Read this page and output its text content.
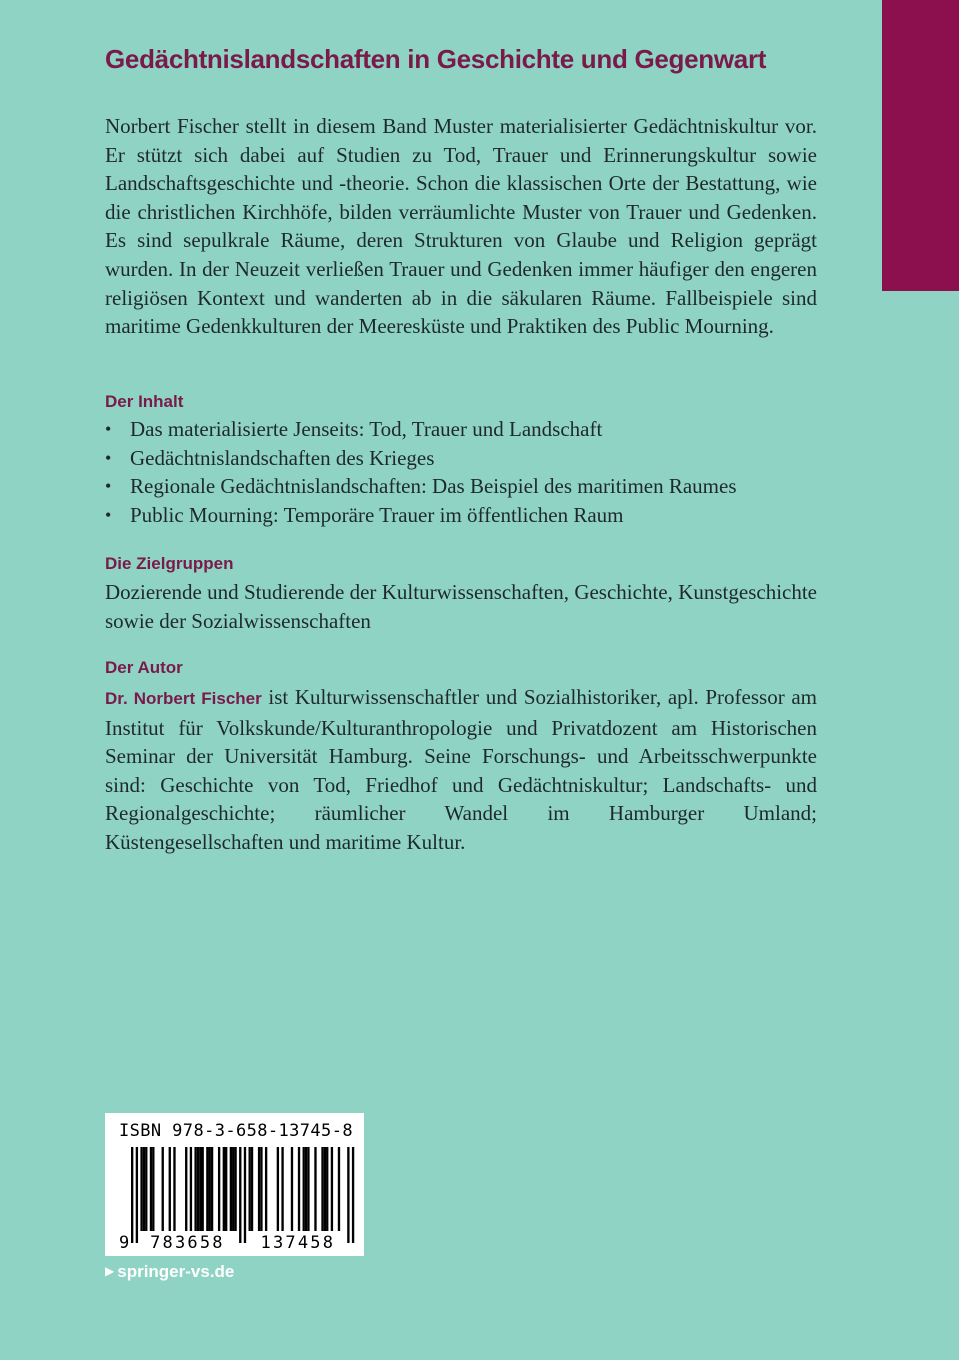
Gedächtnislandschaften in Geschichte und Gegenwart

Norbert Fischer stellt in diesem Band Muster materialisierter Gedächtniskultur vor. Er stützt sich dabei auf Studien zu Tod, Trauer und Erinnerungskultur sowie Landschaftsgeschichte und -theorie. Schon die klassischen Orte der Bestattung, wie die christlichen Kirchhöfe, bilden verräumlichte Muster von Trauer und Gedenken. Es sind sepulkrale Räume, deren Strukturen von Glaube und Religion geprägt wurden. In der Neuzeit verließen Trauer und Gedenken immer häufiger den engeren religiösen Kontext und wanderten ab in die säkularen Räume. Fallbeispiele sind maritime Gedenkkulturen der Meeresküste und Praktiken des Public Mourning.

Der Inhalt
• Das materialisierte Jenseits: Tod, Trauer und Landschaft
• Gedächtnislandschaften des Krieges
• Regionale Gedächtnislandschaften: Das Beispiel des maritimen Raumes
• Public Mourning: Temporäre Trauer im öffentlichen Raum
Die Zielgruppen

Dozierende und Studierende der Kulturwissenschaften, Geschichte, Kunstgeschichte sowie der Sozialwissenschaften

Der Autor

Dr. Norbert Fischer ist Kulturwissenschaftler und Sozialhistoriker, apl. Professor am Institut für Volkskunde/Kulturanthropologie und Privatdozent am Historischen Seminar der Universität Hamburg. Seine Forschungs- und Arbeitsschwerpunkte sind: Geschichte von Tod, Friedhof und Gedächtniskultur; Landschafts- und Regionalgeschichte; räumlicher Wandel im Hamburger Umland; Küstengesellschaften und maritime Kultur.

ISBN 978-3-658-13745-8
9 783658 137458
▶ springer-vs.de
